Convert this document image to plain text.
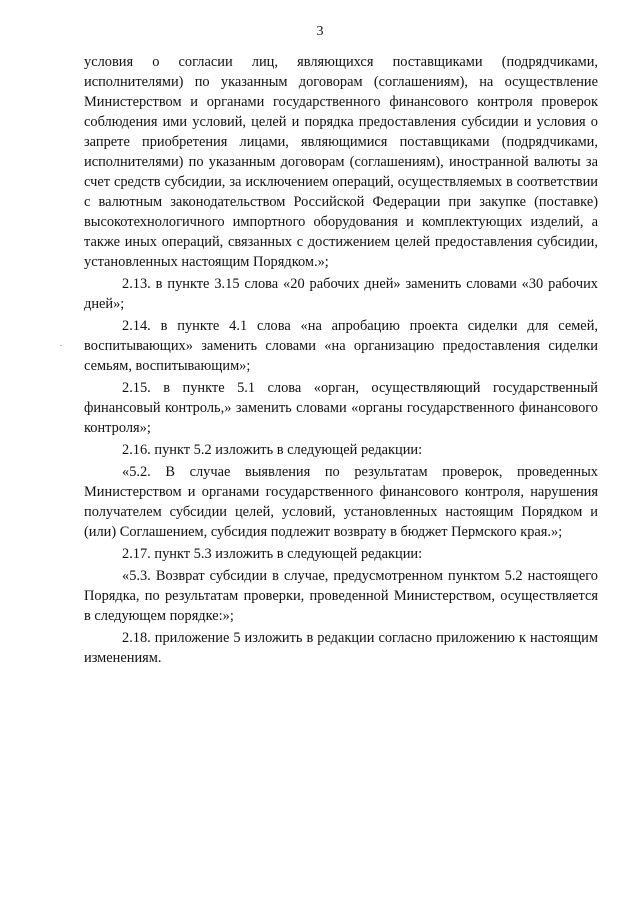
3

условия о согласии лиц, являющихся поставщиками (подрядчиками, исполнителями) по указанным договорам (соглашениям), на осуществление Министерством и органами государственного финансового контроля проверок соблюдения ими условий, целей и порядка предоставления субсидии и условия о запрете приобретения лицами, являющимися поставщиками (подрядчиками, исполнителями) по указанным договорам (соглашениям), иностранной валюты за счет средств субсидии, за исключением операций, осуществляемых в соответствии с валютным законодательством Российской Федерации при закупке (поставке) высокотехнологичного импортного оборудования и комплектующих изделий, а также иных операций, связанных с достижением целей предоставления субсидии, установленных настоящим Порядком.»;

2.13. в пункте 3.15 слова «20 рабочих дней» заменить словами «30 рабочих дней»;

2.14. в пункте 4.1 слова «на апробацию проекта сиделки для семей, воспитывающих» заменить словами «на организацию предоставления сиделки семьям, воспитывающим»;

2.15. в пункте 5.1 слова «орган, осуществляющий государственный финансовый контроль,» заменить словами «органы государственного финансового контроля»;

2.16. пункт 5.2 изложить в следующей редакции:

«5.2. В случае выявления по результатам проверок, проведенных Министерством и органами государственного финансового контроля, нарушения получателем субсидии целей, условий, установленных настоящим Порядком и (или) Соглашением, субсидия подлежит возврату в бюджет Пермского края.»;

2.17. пункт 5.3 изложить в следующей редакции:

«5.3. Возврат субсидии в случае, предусмотренном пунктом 5.2 настоящего Порядка, по результатам проверки, проведенной Министерством, осуществляется в следующем порядке:»;

2.18. приложение 5 изложить в редакции согласно приложению к настоящим изменениям.
